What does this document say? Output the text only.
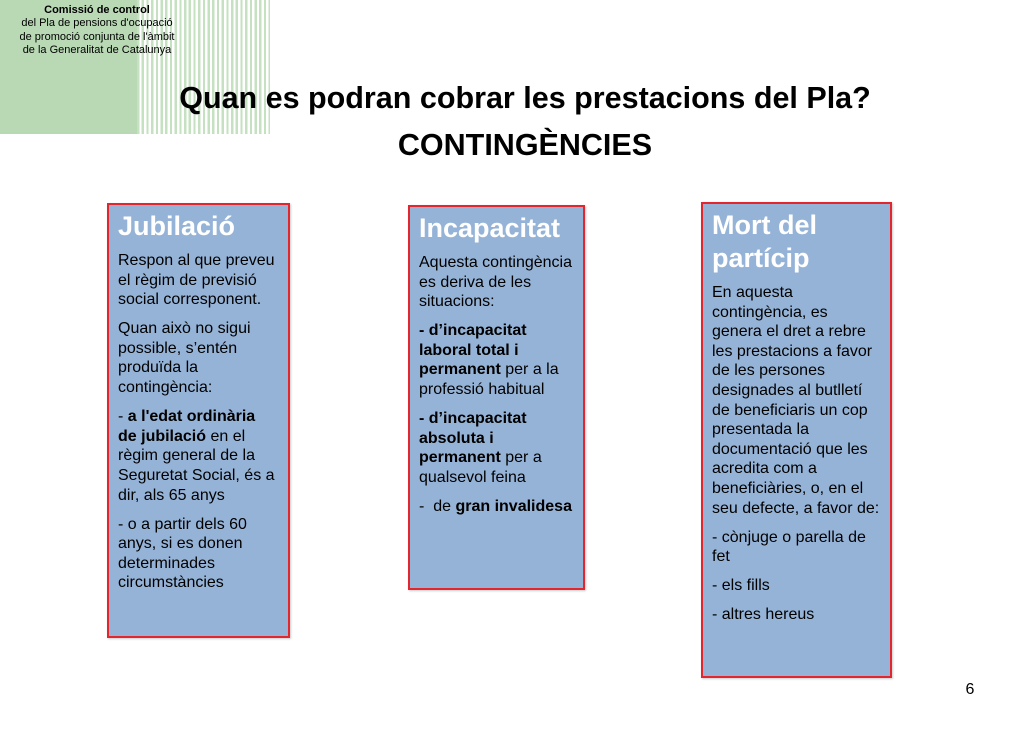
Comissió de control
del Pla de pensions d'ocupació
de promoció conjunta de l'àmbit
de la Generalitat de Catalunya
Quan es podran cobrar les prestacions del Pla?
CONTINGÈNCIES
Jubilació

Respon al que preveu
el règim de previsió
social corresponent.

Quan això no sigui
possible, s’entén
produïda la
contingència:

- a l'edat ordinària
de jubilació en el
règim general de la
Seguretat Social, és a
dir, als 65 anys

- o a partir dels 60
anys, si es donen
determinades
circumstàncies

Incapacitat

Aquesta contingència
es deriva de les
situacions:

- d’incapacitat
laboral total i
permanent per a la
professió habitual

- d’incapacitat
absoluta i
permanent per a
qualsevol feina

-  de gran invalidesa

Mort del partícip

En aquesta
contingència, es
genera el dret a rebre
les prestacions a favor
de les persones
designades al butlletí
de beneficiaris un cop
presentada la
documentació que les
acredita com a
beneficiàries, o, en el
seu defecte, a favor de:

- cònjuge o parella de
fet

- els fills

- altres hereus

6
